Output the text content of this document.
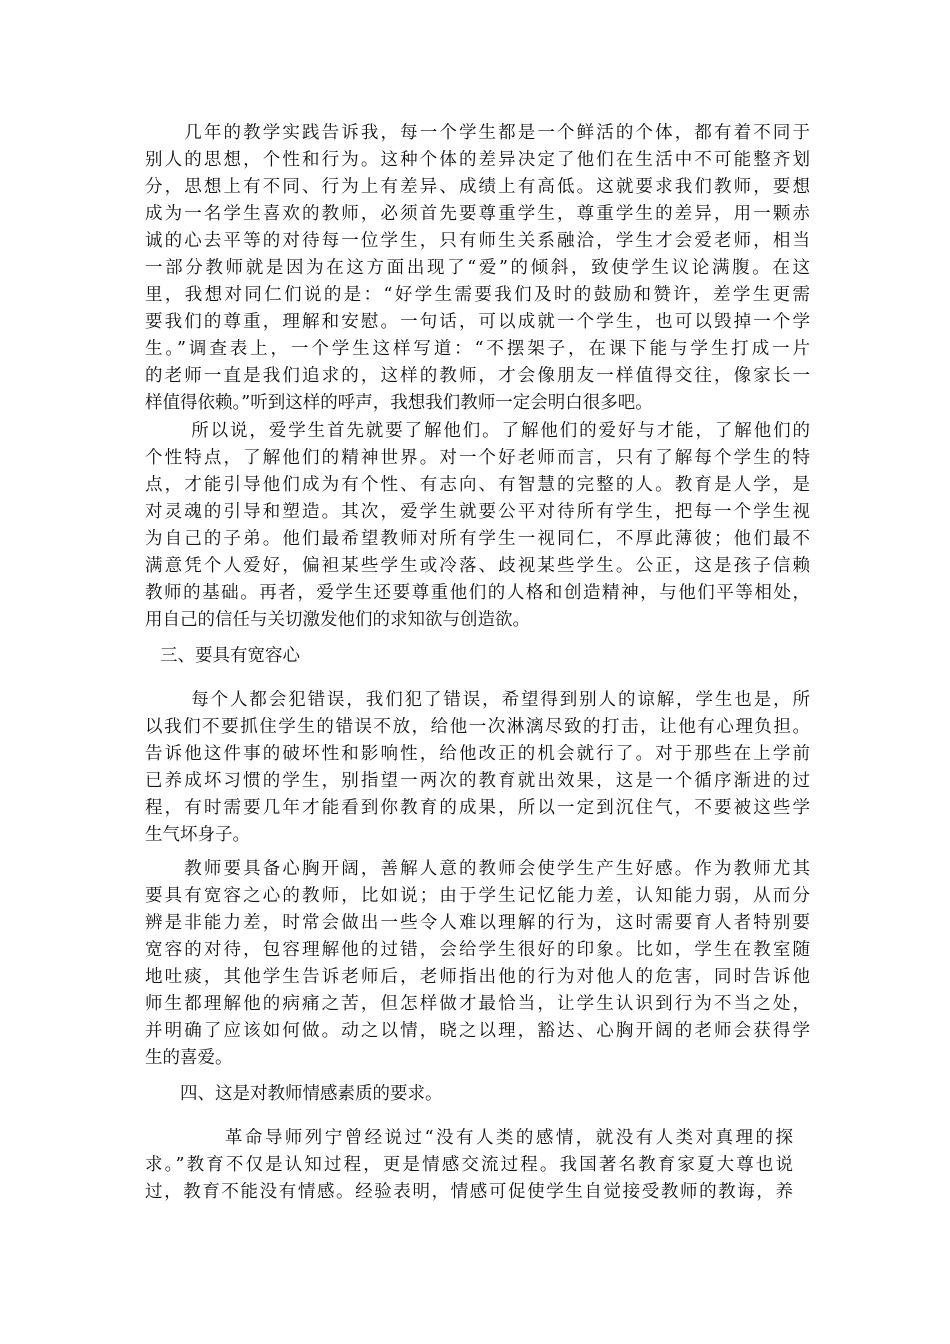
　　几年的教学实践告诉我，每一个学生都是一个鲜活的个体，都有着不同于
别人的思想，个性和行为。这种个体的差异决定了他们在生活中不可能整齐划
分，思想上有不同、行为上有差异、成绩上有高低。这就要求我们教师，要想
成为一名学生喜欢的教师，必须首先要尊重学生，尊重学生的差异，用一颗赤
诚的心去平等的对待每一位学生，只有师生关系融洽，学生才会爱老师，相当
一部分教师就是因为在这方面出现了“爱”的倾斜，致使学生议论满腹。在这
里，我想对同仁们说的是：“好学生需要我们及时的鼓励和赞许，差学生更需
要我们的尊重，理解和安慰。一句话，可以成就一个学生，也可以毁掉一个学
生。”调查表上，一个学生这样写道：“不摆架子，在课下能与学生打成一片
的老师一直是我们追求的，这样的教师，才会像朋友一样值得交往，像家长一
样值得依赖。”听到这样的呼声，我想我们教师一定会明白很多吧。
　　 所以说，爱学生首先就要了解他们。了解他们的爱好与才能，了解他们的
个性特点，了解他们的精神世界。对一个好老师而言，只有了解每个学生的特
点，才能引导他们成为有个性、有志向、有智慧的完整的人。教育是人学，是
对灵魂的引导和塑造。其次，爱学生就要公平对待所有学生，把每一个学生视
为自己的子弟。他们最希望教师对所有学生一视同仁，不厚此薄彼；他们最不
满意凭个人爱好，偏袒某些学生或冷落、歧视某些学生。公正，这是孩子信赖
教师的基础。再者，爱学生还要尊重他们的人格和创造精神，与他们平等相处，
用自己的信任与关切激发他们的求知欲与创造欲。
三、要具有宽容心
　　 每个人都会犯错误，我们犯了错误，希望得到别人的谅解，学生也是，所
以我们不要抓住学生的错误不放，给他一次淋漓尽致的打击，让他有心理负担。
告诉他这件事的破坏性和影响性，给他改正的机会就行了。对于那些在上学前
已养成坏习惯的学生，别指望一两次的教育就出效果，这是一个循序渐进的过
程，有时需要几年才能看到你教育的成果，所以一定到沉住气，不要被这些学
生气坏身子。
　　教师要具备心胸开阔，善解人意的教师会使学生产生好感。作为教师尤其
要具有宽容之心的教师，比如说；由于学生记忆能力差，认知能力弱，从而分
辨是非能力差，时常会做出一些令人难以理解的行为，这时需要育人者特别要
宽容的对待，包容理解他的过错，会给学生很好的印象。比如，学生在教室随
地吐痰，其他学生告诉老师后，老师指出他的行为对他人的危害，同时告诉他
师生都理解他的病痛之苦，但怎样做才最恰当，让学生认识到行为不当之处，
并明确了应该如何做。动之以情，晓之以理，豁达、心胸开阔的老师会获得学
生的喜爱。
四、这是对教师情感素质的要求。
　　　　革命导师列宁曾经说过“没有人类的感情，就没有人类对真理的探
求。”教育不仅是认知过程，更是情感交流过程。我国著名教育家夏大尊也说
过，教育不能没有情感。经验表明，情感可促使学生自觉接受教师的教诲，养
